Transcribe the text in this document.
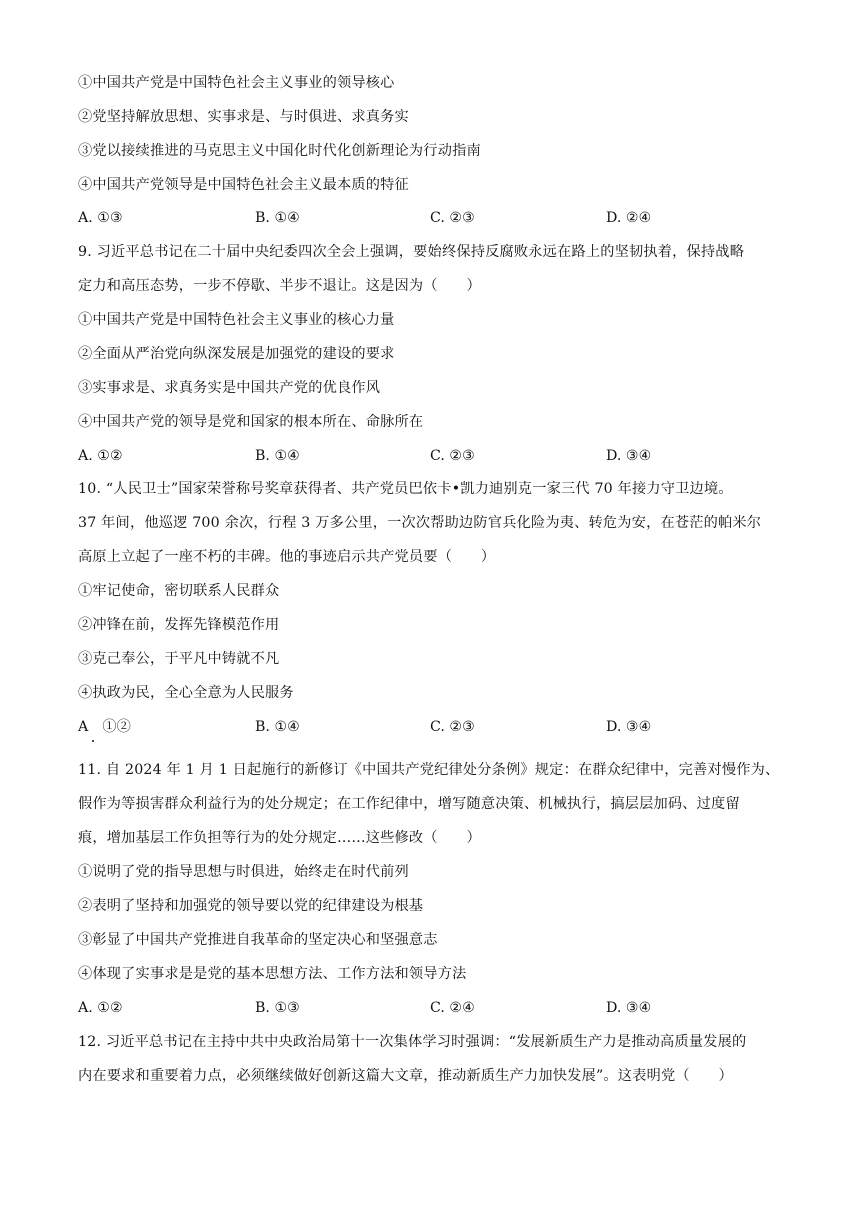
①中国共产党是中国特色社会主义事业的领导核心
②党坚持解放思想、实事求是、与时俱进、求真务实
③党以接续推进的马克思主义中国化时代化创新理论为行动指南
④中国共产党领导是中国特色社会主义最本质的特征
A. ①③	B. ①④	C. ②③	D. ②④
9. 习近平总书记在二十届中央纪委四次全会上强调，要始终保持反腐败永远在路上的坚韧执着，保持战略
定力和高压态势，一步不停歇、半步不退让。这是因为（　　）
①中国共产党是中国特色社会主义事业的核心力量
②全面从严治党向纵深发展是加强党的建设的要求
③实事求是、求真务实是中国共产党的优良作风
④中国共产党的领导是党和国家的根本所在、命脉所在
A. ①②	B. ①④	C. ②③	D. ③④
10. “人民卫士”国家荣誉称号奖章获得者、共产党员巴依卡•凯力迪别克一家三代 70 年接力守卫边境。
37 年间，他巡逻 700 余次，行程 3 万多公里，一次次帮助边防官兵化险为夷、转危为安，在苍茫的帕米尔
高原上立起了一座不朽的丰碑。他的事迹启示共产党员要（　　）
①牢记使命，密切联系人民群众
②冲锋在前，发挥先锋模范作用
③克己奉公，于平凡中铸就不凡
④执政为民，全心全意为人民服务
A　①②	B. ①④	C. ②③	D. ③④
11. 自 2024 年 1 月 1 日起施行的新修订《中国共产党纪律处分条例》规定：在群众纪律中，完善对慢作为、
假作为等损害群众利益行为的处分规定；在工作纪律中，增写随意决策、机械执行，搞层层加码、过度留
痕，增加基层工作负担等行为的处分规定……这些修改（　　）
①说明了党的指导思想与时俱进，始终走在时代前列
②表明了坚持和加强党的领导要以党的纪律建设为根基
③彰显了中国共产党推进自我革命的坚定决心和坚强意志
④体现了实事求是是党的基本思想方法、工作方法和领导方法
A. ①②	B. ①③	C. ②④	D. ③④
12. 习近平总书记在主持中共中央政治局第十一次集体学习时强调：“发展新质生产力是推动高质量发展的
内在要求和重要着力点，必须继续做好创新这篇大文章，推动新质生产力加快发展”。这表明党（　　）
